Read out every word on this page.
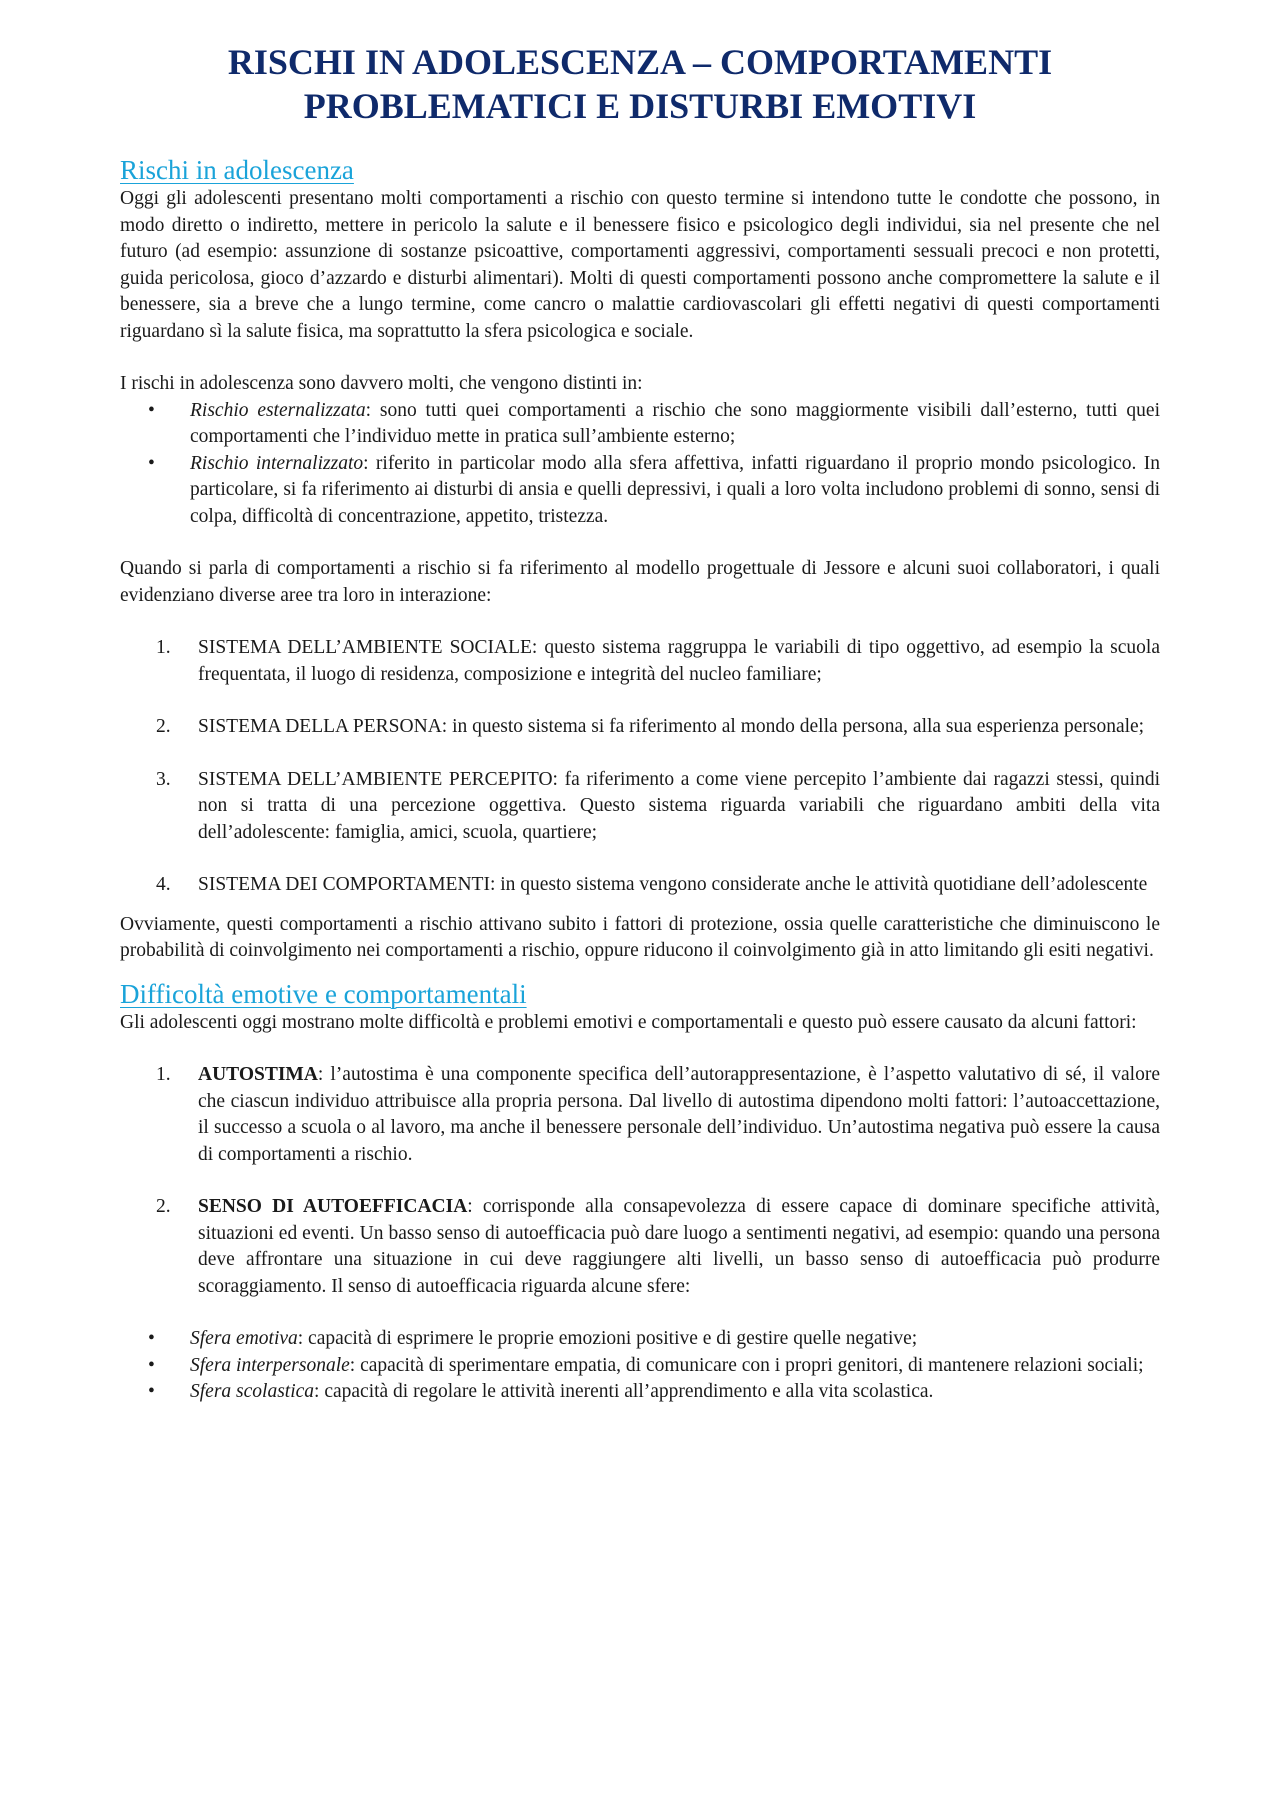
RISCHI IN ADOLESCENZA – COMPORTAMENTI
PROBLEMATICI E DISTURBI EMOTIVI
Rischi in adolescenza

Oggi gli adolescenti presentano molti comportamenti a rischio con questo termine si intendono tutte le condotte che possono, in modo diretto o indiretto, mettere in pericolo la salute e il benessere fisico e psicologico degli individui, sia nel presente che nel futuro (ad esempio: assunzione di sostanze psicoattive, comportamenti aggressivi, comportamenti sessuali precoci e non protetti, guida pericolosa, gioco d’azzardo e disturbi alimentari). Molti di questi comportamenti possono anche compromettere la salute e il benessere, sia a breve che a lungo termine, come cancro o malattie cardiovascolari gli effetti negativi di questi comportamenti riguardano sì la salute fisica, ma soprattutto la sfera psicologica e sociale.

I rischi in adolescenza sono davvero molti, che vengono distinti in:

• Rischio esternalizzata: sono tutti quei comportamenti a rischio che sono maggiormente visibili dall’esterno, tutti quei comportamenti che l’individuo mette in pratica sull’ambiente esterno;
• Rischio internalizzato: riferito in particolar modo alla sfera affettiva, infatti riguardano il proprio mondo psicologico. In particolare, si fa riferimento ai disturbi di ansia e quelli depressivi, i quali a loro volta includono problemi di sonno, sensi di colpa, difficoltà di concentrazione, appetito, tristezza.

Quando si parla di comportamenti a rischio si fa riferimento al modello progettuale di Jessore e alcuni suoi collaboratori, i quali evidenziano diverse aree tra loro in interazione:

1. SISTEMA DELL’AMBIENTE SOCIALE: questo sistema raggruppa le variabili di tipo oggettivo, ad esempio la scuola frequentata, il luogo di residenza, composizione e integrità del nucleo familiare;
2. SISTEMA DELLA PERSONA: in questo sistema si fa riferimento al mondo della persona, alla sua esperienza personale;
3. SISTEMA DELL’AMBIENTE PERCEPITO: fa riferimento a come viene percepito l’ambiente dai ragazzi stessi, quindi non si tratta di una percezione oggettiva. Questo sistema riguarda variabili che riguardano ambiti della vita dell’adolescente: famiglia, amici, scuola, quartiere;
4. SISTEMA DEI COMPORTAMENTI: in questo sistema vengono considerate anche le attività quotidiane dell’adolescente

Ovviamente, questi comportamenti a rischio attivano subito i fattori di protezione, ossia quelle caratteristiche che diminuiscono le probabilità di coinvolgimento nei comportamenti a rischio, oppure riducono il coinvolgimento già in atto limitando gli esiti negativi.

Difficoltà emotive e comportamentali

Gli adolescenti oggi mostrano molte difficoltà e problemi emotivi e comportamentali e questo può essere causato da alcuni fattori:

1. AUTOSTIMA: l’autostima è una componente specifica dell’autorappresentazione, è l’aspetto valutativo di sé, il valore che ciascun individuo attribuisce alla propria persona. Dal livello di autostima dipendono molti fattori: l’autoaccettazione, il successo a scuola o al lavoro, ma anche il benessere personale dell’individuo. Un’autostima negativa può essere la causa di comportamenti a rischio.
2. SENSO DI AUTOEFFICACIA: corrisponde alla consapevolezza di essere capace di dominare specifiche attività, situazioni ed eventi. Un basso senso di autoefficacia può dare luogo a sentimenti negativi, ad esempio: quando una persona deve affrontare una situazione in cui deve raggiungere alti livelli, un basso senso di autoefficacia può produrre scoraggiamento. Il senso di autoefficacia riguarda alcune sfere:
• Sfera emotiva: capacità di esprimere le proprie emozioni positive e di gestire quelle negative;
• Sfera interpersonale: capacità di sperimentare empatia, di comunicare con i propri genitori, di mantenere relazioni sociali;
• Sfera scolastica: capacità di regolare le attività inerenti all’apprendimento e alla vita scolastica.
